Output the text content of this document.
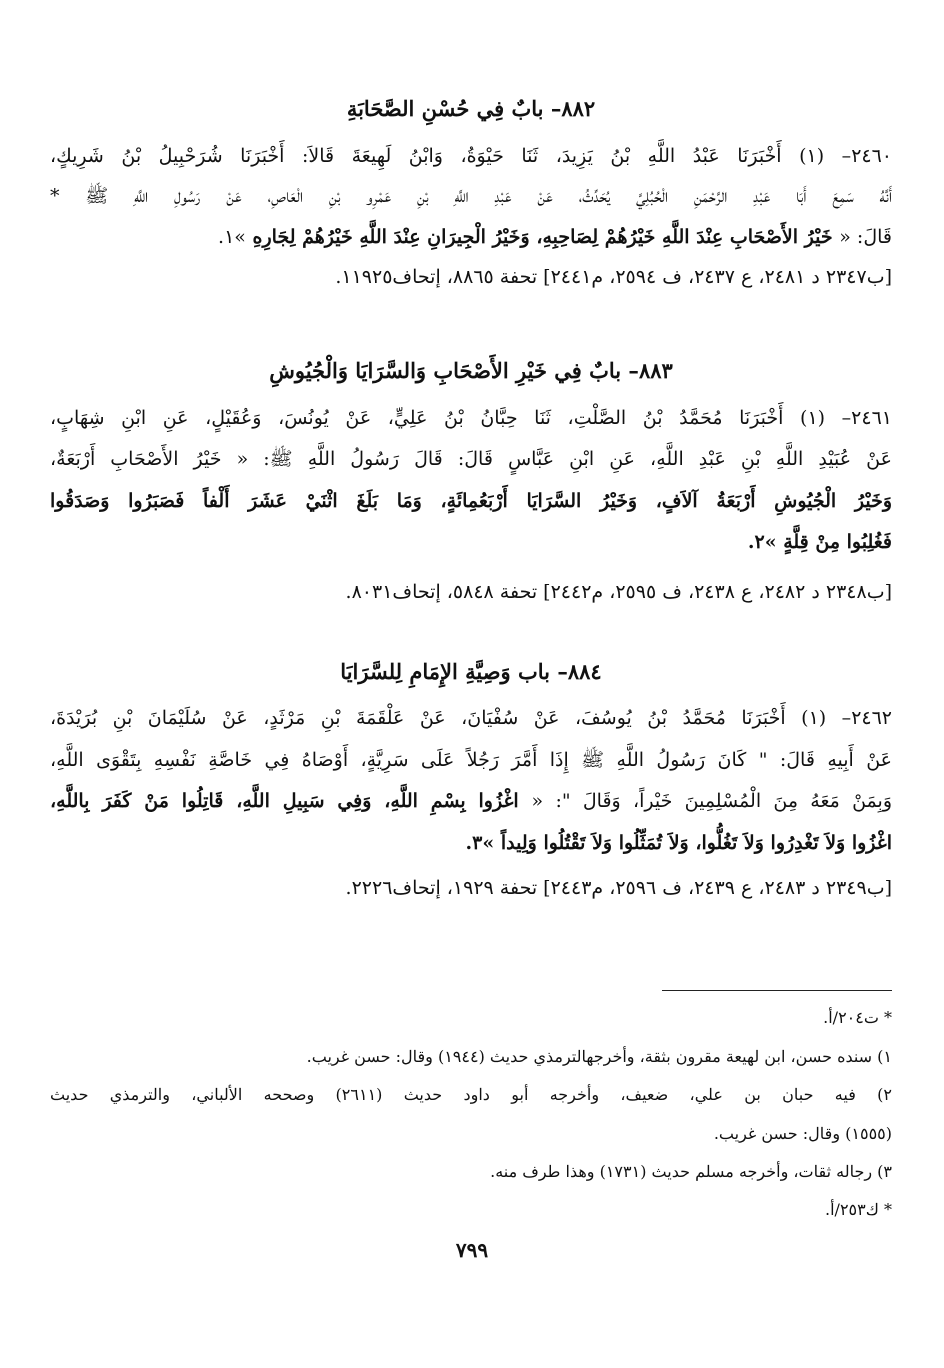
٨٨٢– بابٌ فِي حُسْنِ الصَّحَابَةِ
٢٤٦٠– (١) أَخْبَرَنَا عَبْدُ اللَّهِ بْنُ يَزِيدَ، ثَنَا حَيْوَةُ، وَابْنُ لَهِيعَةَ قَالاَ: أَخْبَرَنَا شُرَحْبِيلُ بْنُ شَرِيكٍ،
أَنَّهُ سَمِعَ أَبَا عَبْدِ الرَّحْمَنِ الْحُبُلِيَّ يُحَدِّثُ، عَنْ عَبْدِ اللَّهِ بْنِ عَمْرِو بْنِ الْعَاصِ، عَنْ رَسُولِ اللَّهِ ﷺ *
قَالَ: « خَيْرُ الأَصْحَابِ عِنْدَ اللَّهِ خَيْرُهُمْ لِصَاحِبِهِ، وَخَيْرُ الْجِيرَانِ عِنْدَ اللَّهِ خَيْرُهُمْ لِجَارِهِ »١.
[ب٢٣٤٧ د ٢٤٨١، ع ٢٤٣٧، ف ٢٥٩٤، م٢٤٤١] تحفة ٨٨٦٥، إتحاف١١٩٢٥.
٨٨٣– بابٌ فِي خَيْرِ الأَصْحَابِ وَالسَّرَايَا وَالْجُيُوشِ
٢٤٦١– (١) أَخْبَرَنَا مُحَمَّدُ بْنُ الصَّلْتِ، ثَنَا حِبَّانُ بْنُ عَلِيٍّ، عَنْ يُونُسَ، وَعُقَيْلٍ، عَنِ ابْنِ شِهَابٍ،
عَنْ عُبَيْدِ اللَّهِ بْنِ عَبْدِ اللَّهِ، عَنِ ابْنِ عَبَّاسٍ قَالَ: قَالَ رَسُولُ اللَّهِ ﷺ: « خَيْرُ الأَصْحَابِ أَرْبَعَةٌ،
وَخَيْرُ الْجُيُوشِ أَرْبَعَةُ آلاَفٍ، وَخَيْرُ السَّرَايَا أَرْبَعُمِائَةٍ، وَمَا بَلَغَ اثْنَيْ عَشَرَ أَلْفاً فَصَبَرُوا وَصَدَقُوا
فَغُلِبُوا مِنْ قِلَّةٍ »٢.
[ب٢٣٤٨ د ٢٤٨٢، ع ٢٤٣٨، ف ٢٥٩٥، م٢٤٤٢] تحفة ٥٨٤٨، إتحاف٨٠٣١.
٨٨٤– باب وَصِيَّةِ الإِمَامِ لِلسَّرَايَا
٢٤٦٢– (١) أَخْبَرَنَا مُحَمَّدُ بْنُ يُوسُفَ، عَنْ سُفْيَانَ، عَنْ عَلْقَمَةَ بْنِ مَرْثَدٍ، عَنْ سُلَيْمَانَ بْنِ بُرَيْدَةَ،
عَنْ أَبِيهِ قَالَ: " كَانَ رَسُولُ اللَّهِ ﷺ إِذَا أَمَّرَ رَجُلاً عَلَى سَرِيَّةٍ، أَوْصَاهُ فِي خَاصَّةِ نَفْسِهِ بِتَقْوَى اللَّهِ،
وَبِمَنْ مَعَهُ مِنَ الْمُسْلِمِينَ خَيْراً، وَقَالَ ": « اغْزُوا بِسْمِ اللَّهِ، وَفِي سَبِيلِ اللَّهِ، قَاتِلُوا مَنْ كَفَرَ بِاللَّهِ،
اغْزُوا وَلاَ تَغْدِرُوا وَلاَ تَغُلُّوا، وَلاَ تُمَثِّلُوا وَلاَ تَقْتُلُوا وَلِيداً »٣.
[ب٢٣٤٩ د ٢٤٨٣، ع ٢٤٣٩، ف ٢٥٩٦، م٢٤٤٣] تحفة ١٩٢٩، إتحاف٢٢٢٦.
* ت٢٠٤/أ.
١) سنده حسن، ابن لهيعة مقرون بثقة، وأخرجهالترمذي حديث (١٩٤٤) وقال: حسن غريب.
٢) فيه حبان بن علي، ضعيف، وأخرجه أبو داود حديث (٢٦١١) وصححه الألباني، والترمذي حديث
(١٥٥٥) وقال: حسن غريب.
٣) رجاله ثقات، وأخرجه مسلم حديث (١٧٣١) وهذا طرف منه.
* ك٢٥٣/أ.
٧٩٩
